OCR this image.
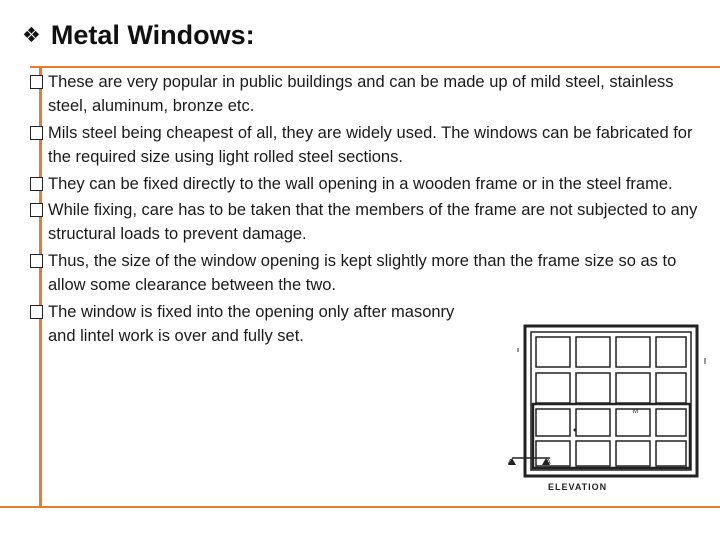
❖ Metal Windows:
These are very popular in public buildings and can be made up of mild steel, stainless steel, aluminum, bronze etc.
Mils steel being cheapest of all, they are widely used. The windows can be fabricated for the required size using light rolled steel sections.
They can be fixed directly to the wall opening in a wooden frame or in the steel frame.
While fixing, care has to be taken that the members of the frame are not subjected to any structural loads to prevent damage.
Thus, the size of the window opening is kept slightly more than the frame size so as to allow some clearance between the two.
The window is fixed into the opening only after masonry and lintel work is over and fully set.
A	A
M
ELEVATION
